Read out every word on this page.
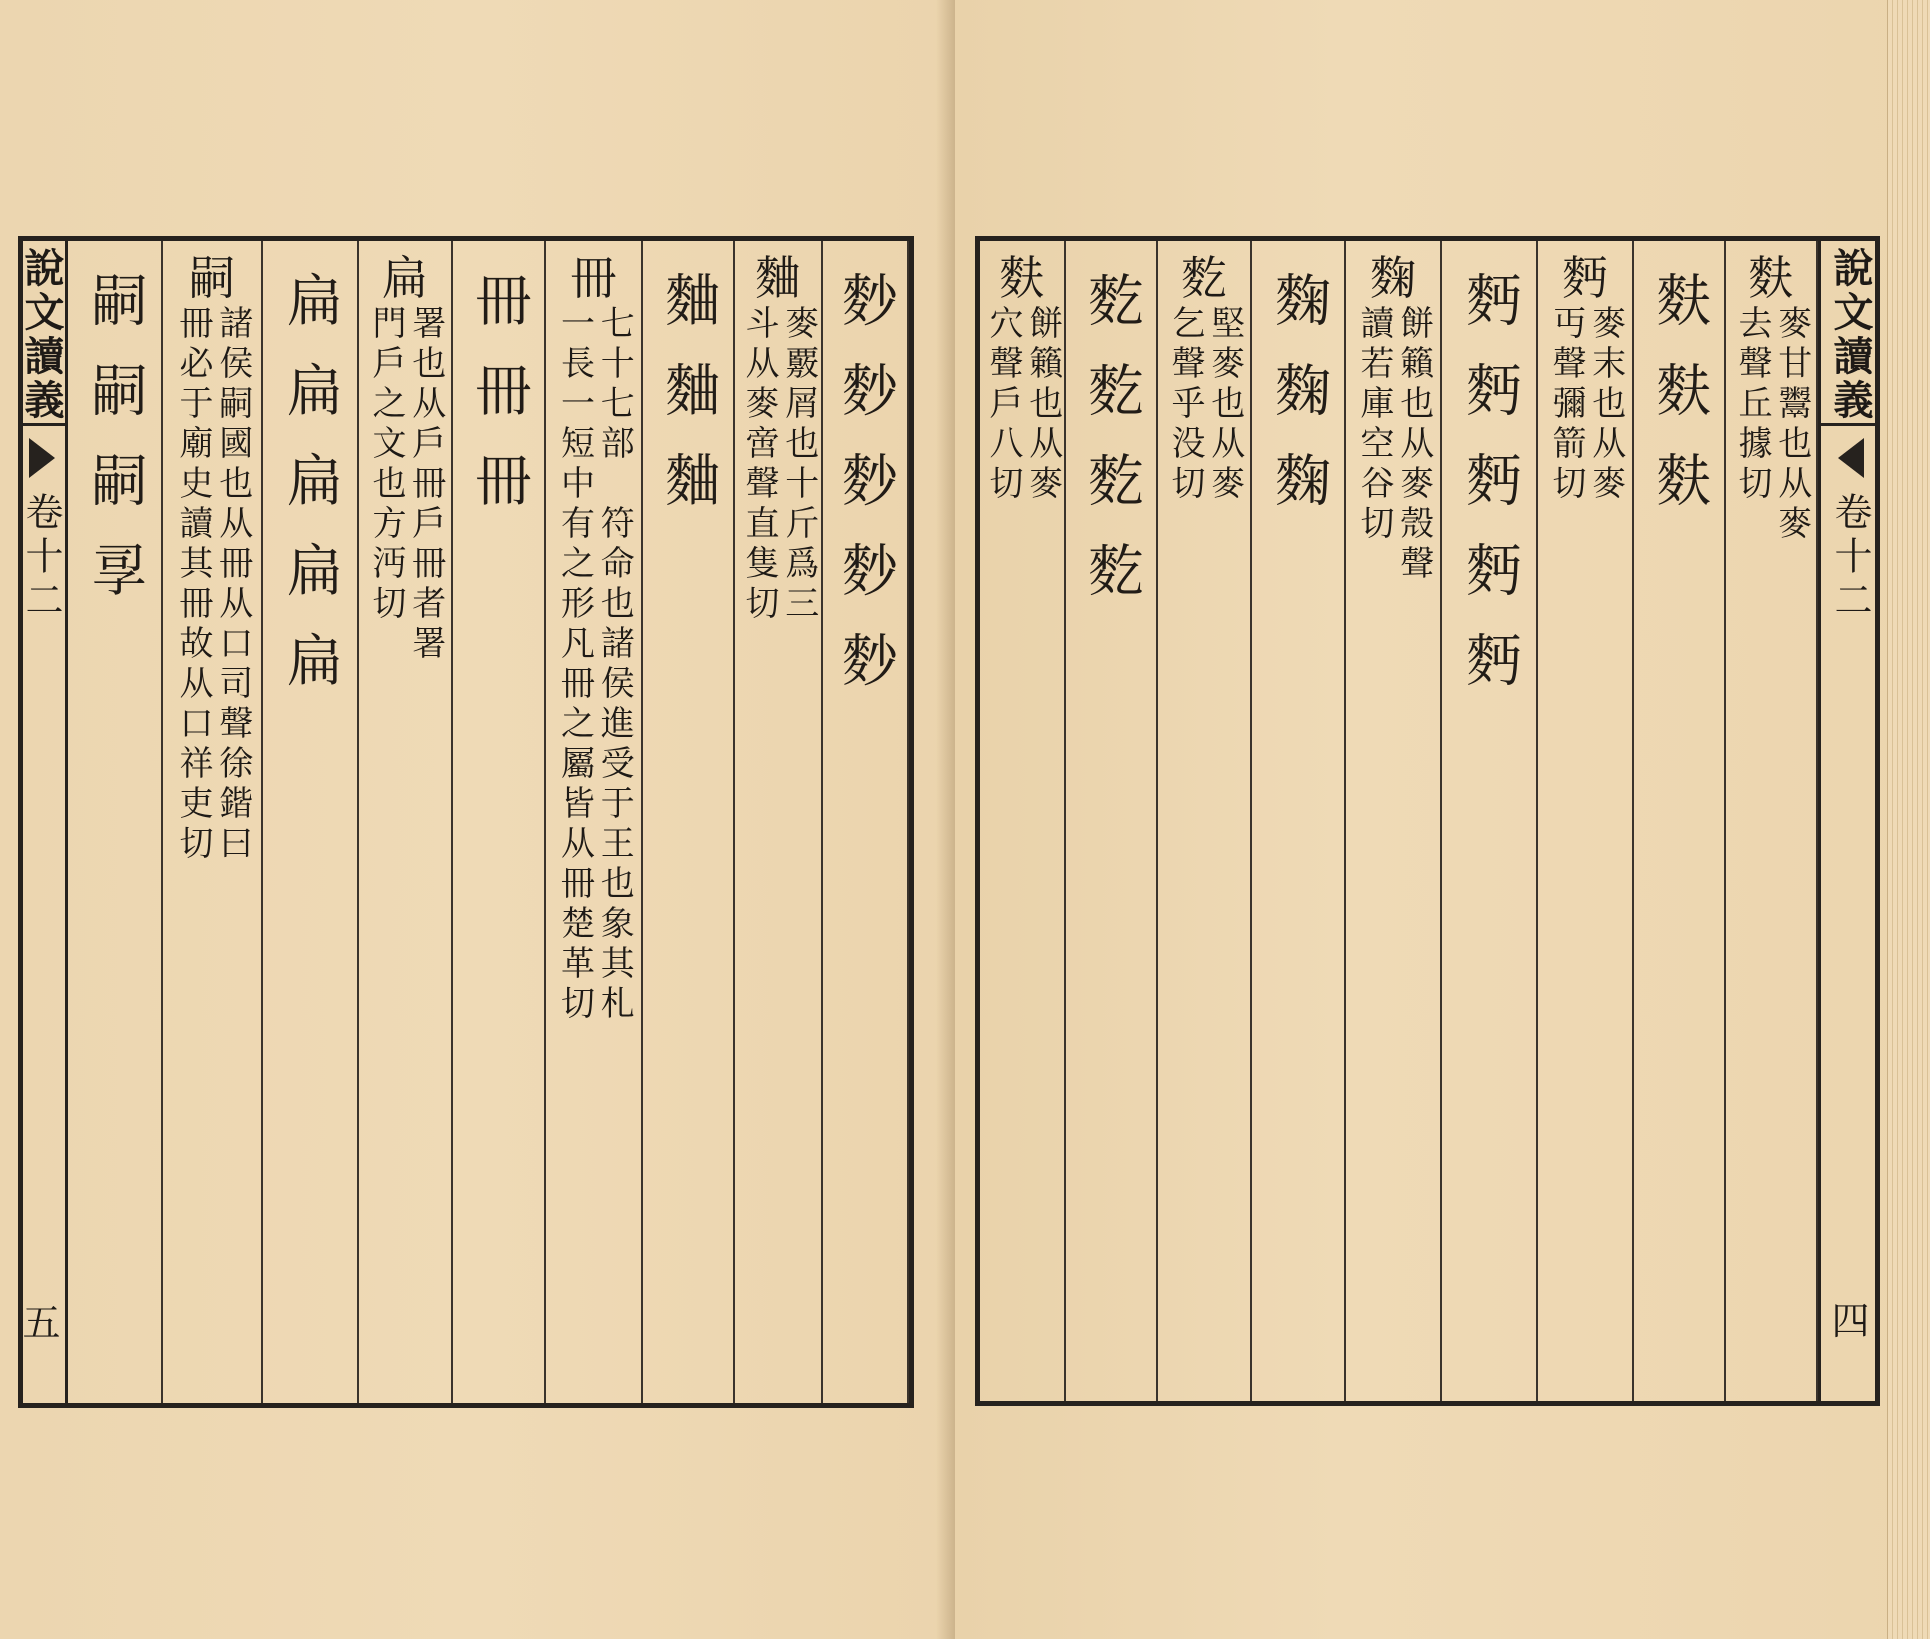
說文讀義
卷十二
五
麨麨麨麨麨
麯
麥覈屑也十斤爲三
斗从麥啻聲直隻切
麯麯麯
冊
七十七部　符命也諸侯進受于王也象其札
一長一短中有之形凡冊之屬皆从冊楚革切
冊冊冊
扁
署也从戶冊戶冊者署
門戶之文也方沔切
扁扁扁扁扁
嗣
諸侯嗣國也从冊从口司聲徐鍇曰
冊必于廟史讀其冊故从口祥吏切
嗣嗣嗣孠	說文讀義
卷十二
四
麩
麥甘鬻也从麥
去聲丘據切
麩麩麩
麪
麥末也从麥
丏聲彌箭切
麪麪麪麪麪
麴
餅籟也从麥殼聲
讀若庫空谷切
麴麴麴
麧
堅麥也从麥
乞聲乎没切
麧麧麧麧
麩
餅籟也从麥
穴聲戶八切
